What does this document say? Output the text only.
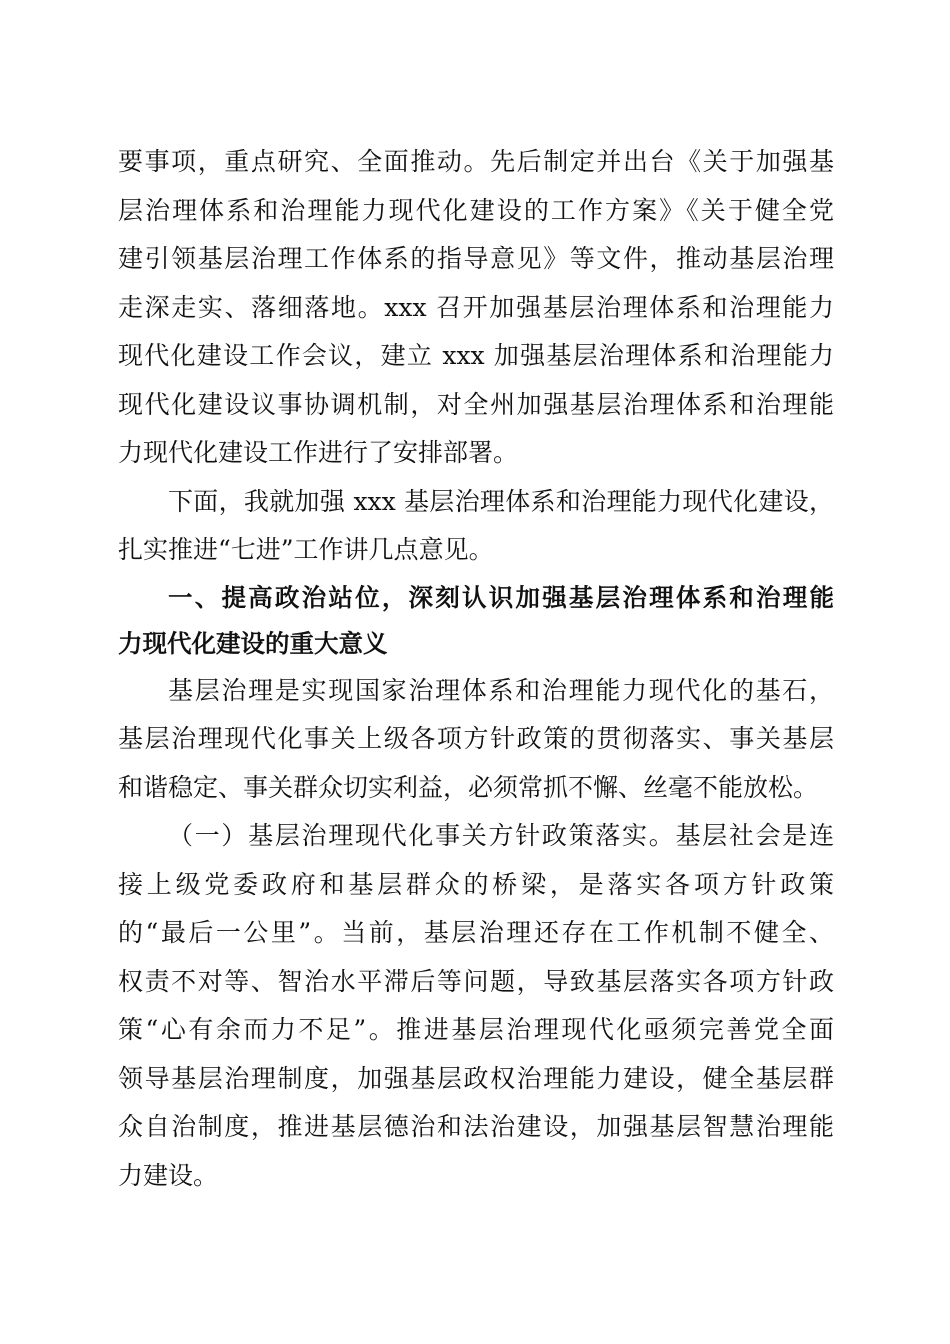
要事项，重点研究、全面推动。先后制定并出台《关于加强基
层治理体系和治理能力现代化建设的工作方案》《关于健全党
建引领基层治理工作体系的指导意见》等文件，推动基层治理
走深走实、落细落地。xxx 召开加强基层治理体系和治理能力
现代化建设工作会议，建立 xxx 加强基层治理体系和治理能力
现代化建设议事协调机制，对全州加强基层治理体系和治理能
力现代化建设工作进行了安排部署。
下面，我就加强 xxx 基层治理体系和治理能力现代化建设，
扎实推进“七进”工作讲几点意见。
一、提高政治站位，深刻认识加强基层治理体系和治理能
力现代化建设的重大意义
基层治理是实现国家治理体系和治理能力现代化的基石，
基层治理现代化事关上级各项方针政策的贯彻落实、事关基层
和谐稳定、事关群众切实利益，必须常抓不懈、丝毫不能放松。
（一）基层治理现代化事关方针政策落实。基层社会是连
接上级党委政府和基层群众的桥梁，是落实各项方针政策
的“最后一公里”。当前，基层治理还存在工作机制不健全、
权责不对等、智治水平滞后等问题，导致基层落实各项方针政
策“心有余而力不足”。推进基层治理现代化亟须完善党全面
领导基层治理制度，加强基层政权治理能力建设，健全基层群
众自治制度，推进基层德治和法治建设，加强基层智慧治理能
力建设。
